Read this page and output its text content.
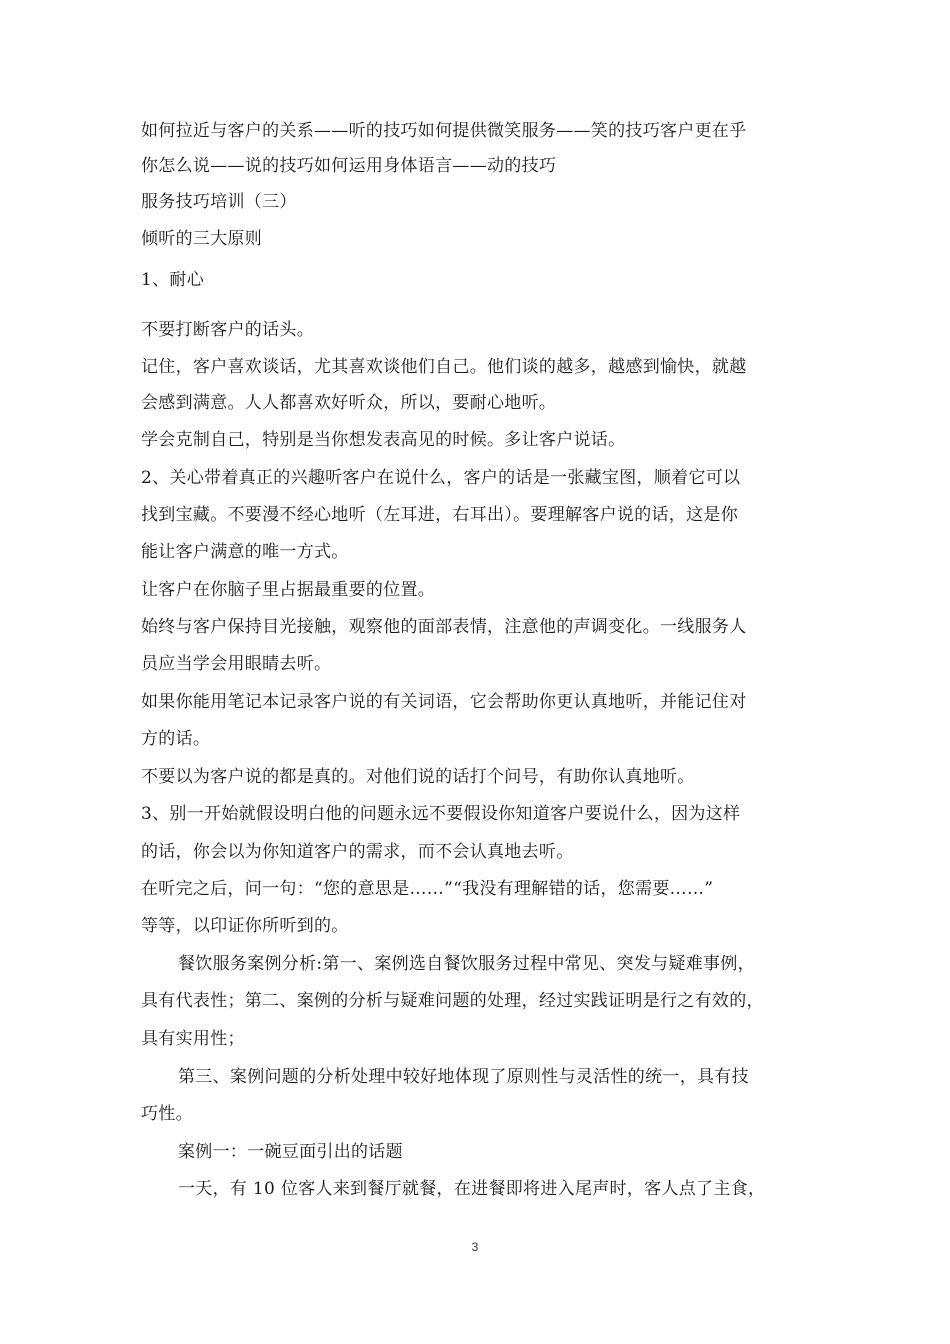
如何拉近与客户的关系——听的技巧如何提供微笑服务——笑的技巧客户更在乎
你怎么说——说的技巧如何运用身体语言——动的技巧
服务技巧培训（三）
倾听的三大原则
1、耐心
不要打断客户的话头。
记住，客户喜欢谈话，尤其喜欢谈他们自己。他们谈的越多，越感到愉快，就越
会感到满意。人人都喜欢好听众，所以，要耐心地听。
学会克制自己，特别是当你想发表高见的时候。多让客户说话。
2、关心带着真正的兴趣听客户在说什么，客户的话是一张藏宝图，顺着它可以
找到宝藏。不要漫不经心地听（左耳进，右耳出）。要理解客户说的话，这是你
能让客户满意的唯一方式。
让客户在你脑子里占据最重要的位置。
始终与客户保持目光接触，观察他的面部表情，注意他的声调变化。一线服务人
员应当学会用眼睛去听。
如果你能用笔记本记录客户说的有关词语，它会帮助你更认真地听，并能记住对
方的话。
不要以为客户说的都是真的。对他们说的话打个问号，有助你认真地听。
3、别一开始就假设明白他的问题永远不要假设你知道客户要说什么，因为这样
的话，你会以为你知道客户的需求，而不会认真地去听。
在听完之后，问一句：“您的意思是……”“我没有理解错的话，您需要……”
等等，以印证你所听到的。
餐饮服务案例分析:第一、案例选自餐饮服务过程中常见、突发与疑难事例，
具有代表性；第二、案例的分析与疑难问题的处理，经过实践证明是行之有效的，
具有实用性；
第三、案例问题的分析处理中较好地体现了原则性与灵活性的统一，具有技
巧性。
案例一：一碗豆面引出的话题
一天，有 10 位客人来到餐厅就餐，在进餐即将进入尾声时，客人点了主食，
3
